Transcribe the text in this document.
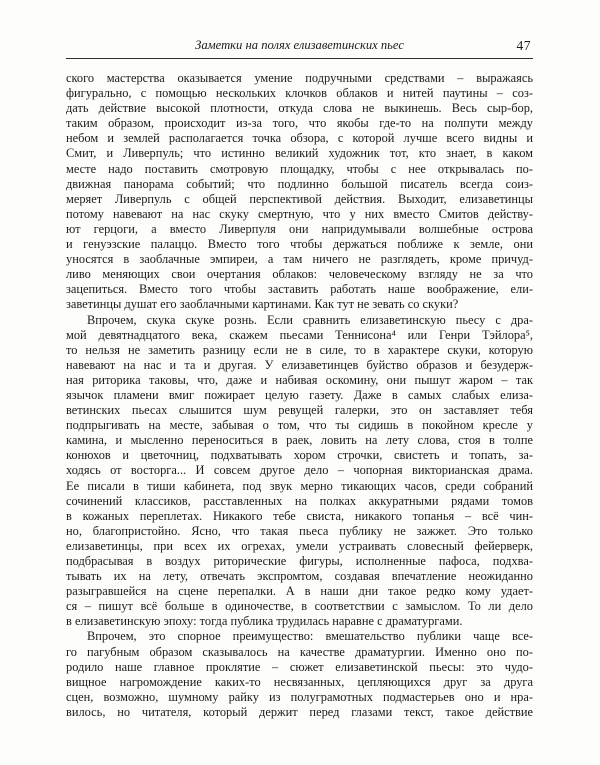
Заметки на полях елизаветинских пьес	47
ского мастерства оказывается умение подручными средствами – выражаясь
фигурально, с помощью нескольких клочков облаков и нитей паутины – соз-
дать действие высокой плотности, откуда слова не выкинешь. Весь сыр-бор,
таким образом, происходит из-за того, что якобы где-то на полпути между
небом и землей располагается точка обзора, с которой лучше всего видны и
Смит, и Ливерпуль; что истинно великий художник тот, кто знает, в каком
месте надо поставить смотровую площадку, чтобы с нее открывалась по-
движная панорама событий; что подлинно большой писатель всегда соиз-
меряет Ливерпуль с общей перспективой действия. Выходит, елизаветинцы
потому навевают на нас скуку смертную, что у них вместо Смитов действу-
ют герцоги, а вместо Ливерпуля они напридумывали волшебные острова
и генуэзские палаццо. Вместо того чтобы держаться поближе к земле, они
уносятся в заоблачные эмпиреи, а там ничего не разглядеть, кроме причуд-
ливо меняющих свои очертания облаков: человеческому взгляду не за что
зацепиться. Вместо того чтобы заставить работать наше воображение, ели-
заветинцы душат его заоблачными картинами. Как тут не зевать со скуки?
Впрочем, скука скуке рознь. Если сравнить елизаветинскую пьесу с дра-
мой девятнадцатого века, скажем пьесами Теннисона⁴ или Генри Тэйлора⁵,
то нельзя не заметить разницу если не в силе, то в характере скуки, которую
навевают на нас и та и другая. У елизаветинцев буйство образов и безудерж-
ная риторика таковы, что, даже и набивая оскомину, они пышут жаром – так
язычок пламени вмиг пожирает целую газету. Даже в самых слабых елиза-
ветинских пьесах слышится шум ревущей галерки, это он заставляет тебя
подпрыгивать на месте, забывая о том, что ты сидишь в покойном кресле у
камина, и мысленно переноситься в раек, ловить на лету слова, стоя в толпе
конюхов и цветочниц, подхватывать хором строчки, свистеть и топать, за-
ходясь от восторга... И совсем другое дело – чопорная викторианская драма.
Ее писали в тиши кабинета, под звук мерно тикающих часов, среди собраний
сочинений классиков, расставленных на полках аккуратными рядами томов
в кожаных переплетах. Никакого тебе свиста, никакого топанья – всё чин-
но, благопристойно. Ясно, что такая пьеса публику не зажжет. Это только
елизаветинцы, при всех их огрехах, умели устраивать словесный фейерверк,
подбрасывая в воздух риторические фигуры, исполненные пафоса, подхва-
тывать их на лету, отвечать экспромтом, создавая впечатление неожиданно
разыгравшейся на сцене перепалки. А в наши дни такое редко кому удает-
ся – пишут всё больше в одиночестве, в соответствии с замыслом. То ли дело
в елизаветинскую эпоху: тогда публика трудилась наравне с драматургами.
Впрочем, это спорное преимущество: вмешательство публики чаще все-
го пагубным образом сказывалось на качестве драматургии. Именно оно по-
родило наше главное проклятие – сюжет елизаветинской пьесы: это чудо-
вищное нагромождение каких-то несвязанных, цепляющихся друг за друга
сцен, возможно, шумному райку из полуграмотных подмастерьев оно и нра-
вилось, но читателя, который держит перед глазами текст, такое действие
